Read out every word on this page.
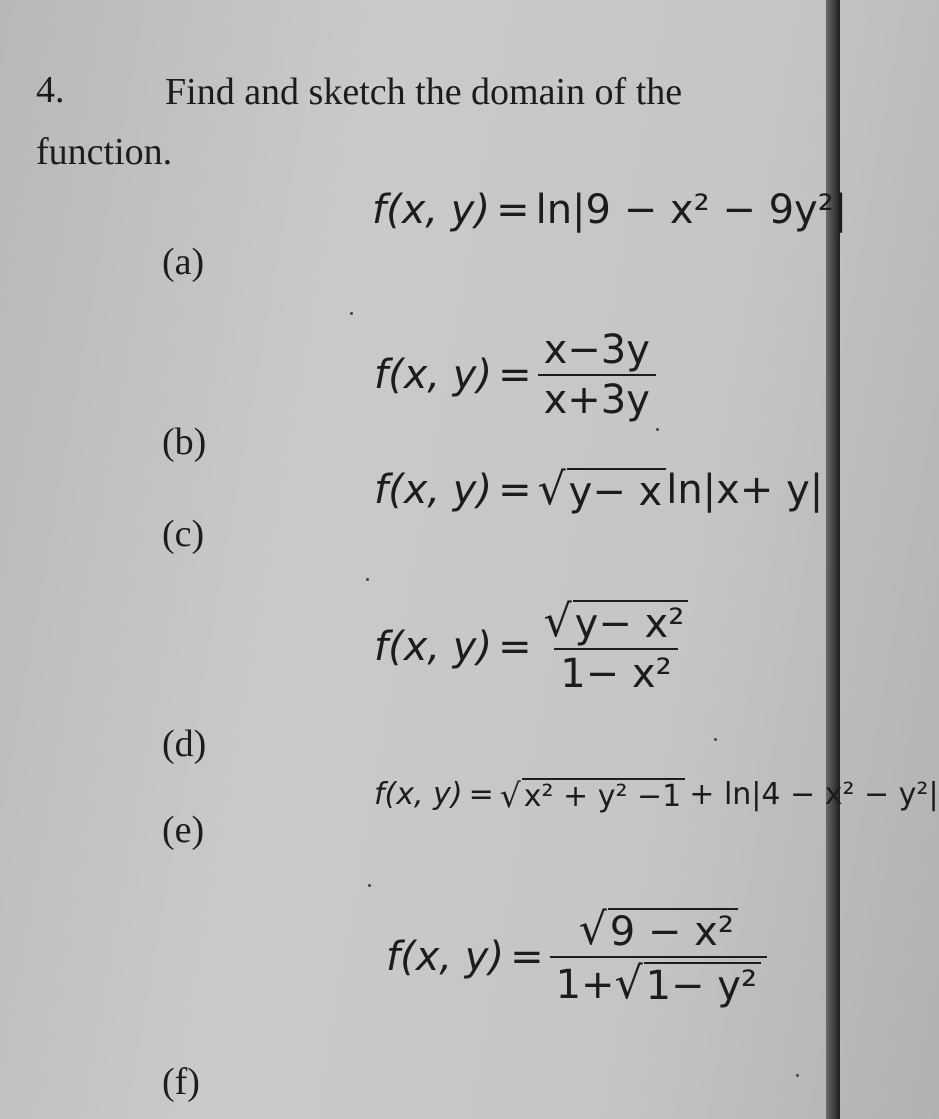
4.	Find and sketch the domain of the
function.
(a)
f(x, y) = ln|9 − x² − 9y²|
(b)
f(x, $y) = \frac{x-3y}{x+3y}$
(c)
f(x, y) = √ y− x ln|x+ y|
(d)
f(x, $y) = \frac{\text{√ y− x²}}{\text{1− x²}}$
(e)
f(x, y) = √ x² + y² −1 + ln|4 − x² − y²|
(f)
f(x, $y) = \frac{\text{√ 9 − x²}}{\text{1+ √ 1− y²}}$
